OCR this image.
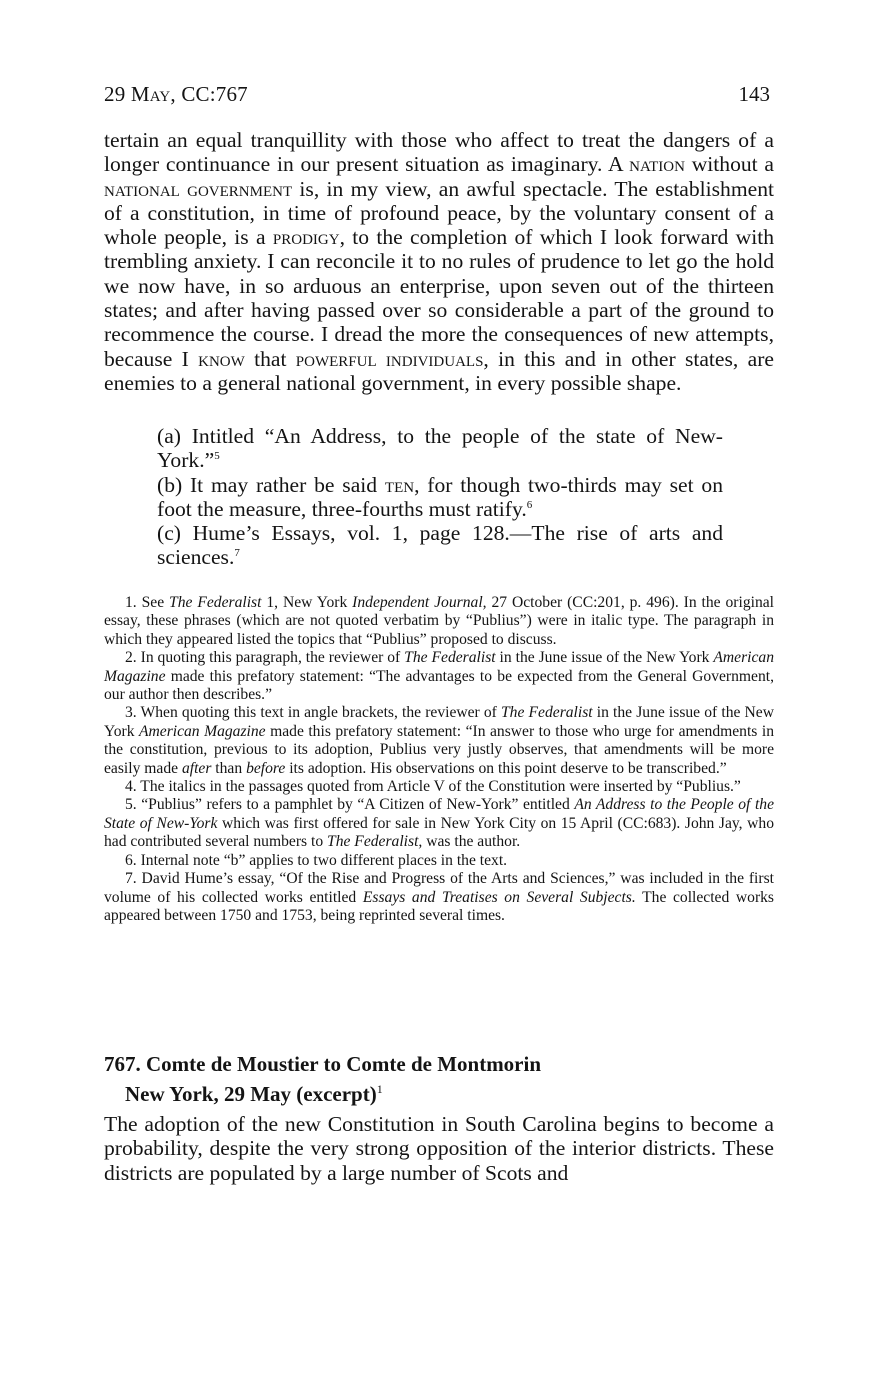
29 May, CC:767	143

tertain an equal tranquillity with those who affect to treat the dangers of a longer continuance in our present situation as imaginary. A nation without a national government is, in my view, an awful spectacle. The establishment of a constitution, in time of profound peace, by the voluntary consent of a whole people, is a prodigy, to the completion of which I look forward with trembling anxiety. I can reconcile it to no rules of prudence to let go the hold we now have, in so arduous an enterprise, upon seven out of the thirteen states; and after having passed over so considerable a part of the ground to recommence the course. I dread the more the consequences of new attempts, because I know that powerful individuals, in this and in other states, are enemies to a general national government, in every possible shape.

(a) Intitled “An Address, to the people of the state of New-York.”$^5$

(b) It may rather be said ten, for though two-thirds may set on foot the measure, three-fourths must ratify.$^6$

(c) Hume’s Essays, vol. 1, page 128.—The rise of arts and sciences.$^7$

1. See The Federalist 1, New York Independent Journal, 27 October (CC:201, p. 496). In the original essay, these phrases (which are not quoted verbatim by “Publius”) were in italic type. The paragraph in which they appeared listed the topics that “Publius” proposed to discuss.

2. In quoting this paragraph, the reviewer of The Federalist in the June issue of the New York American Magazine made this prefatory statement: “The advantages to be expected from the General Government, our author then describes.”

3. When quoting this text in angle brackets, the reviewer of The Federalist in the June issue of the New York American Magazine made this prefatory statement: “In answer to those who urge for amendments in the constitution, previous to its adoption, Publius very justly observes, that amendments will be more easily made after than before its adoption. His observations on this point deserve to be transcribed.”

4. The italics in the passages quoted from Article V of the Constitution were inserted by “Publius.”

5. “Publius” refers to a pamphlet by “A Citizen of New-York” entitled An Address to the People of the State of New-York which was first offered for sale in New York City on 15 April (CC:683). John Jay, who had contributed several numbers to The Federalist, was the author.

6. Internal note “b” applies to two different places in the text.

7. David Hume’s essay, “Of the Rise and Progress of the Arts and Sciences,” was included in the first volume of his collected works entitled Essays and Treatises on Several Subjects. The collected works appeared between 1750 and 1753, being reprinted several times.

767. Comte de Moustier to Comte de Montmorin
New York, 29 May (excerpt)$^1$

The adoption of the new Constitution in South Carolina begins to become a probability, despite the very strong opposition of the interior districts. These districts are populated by a large number of Scots and
